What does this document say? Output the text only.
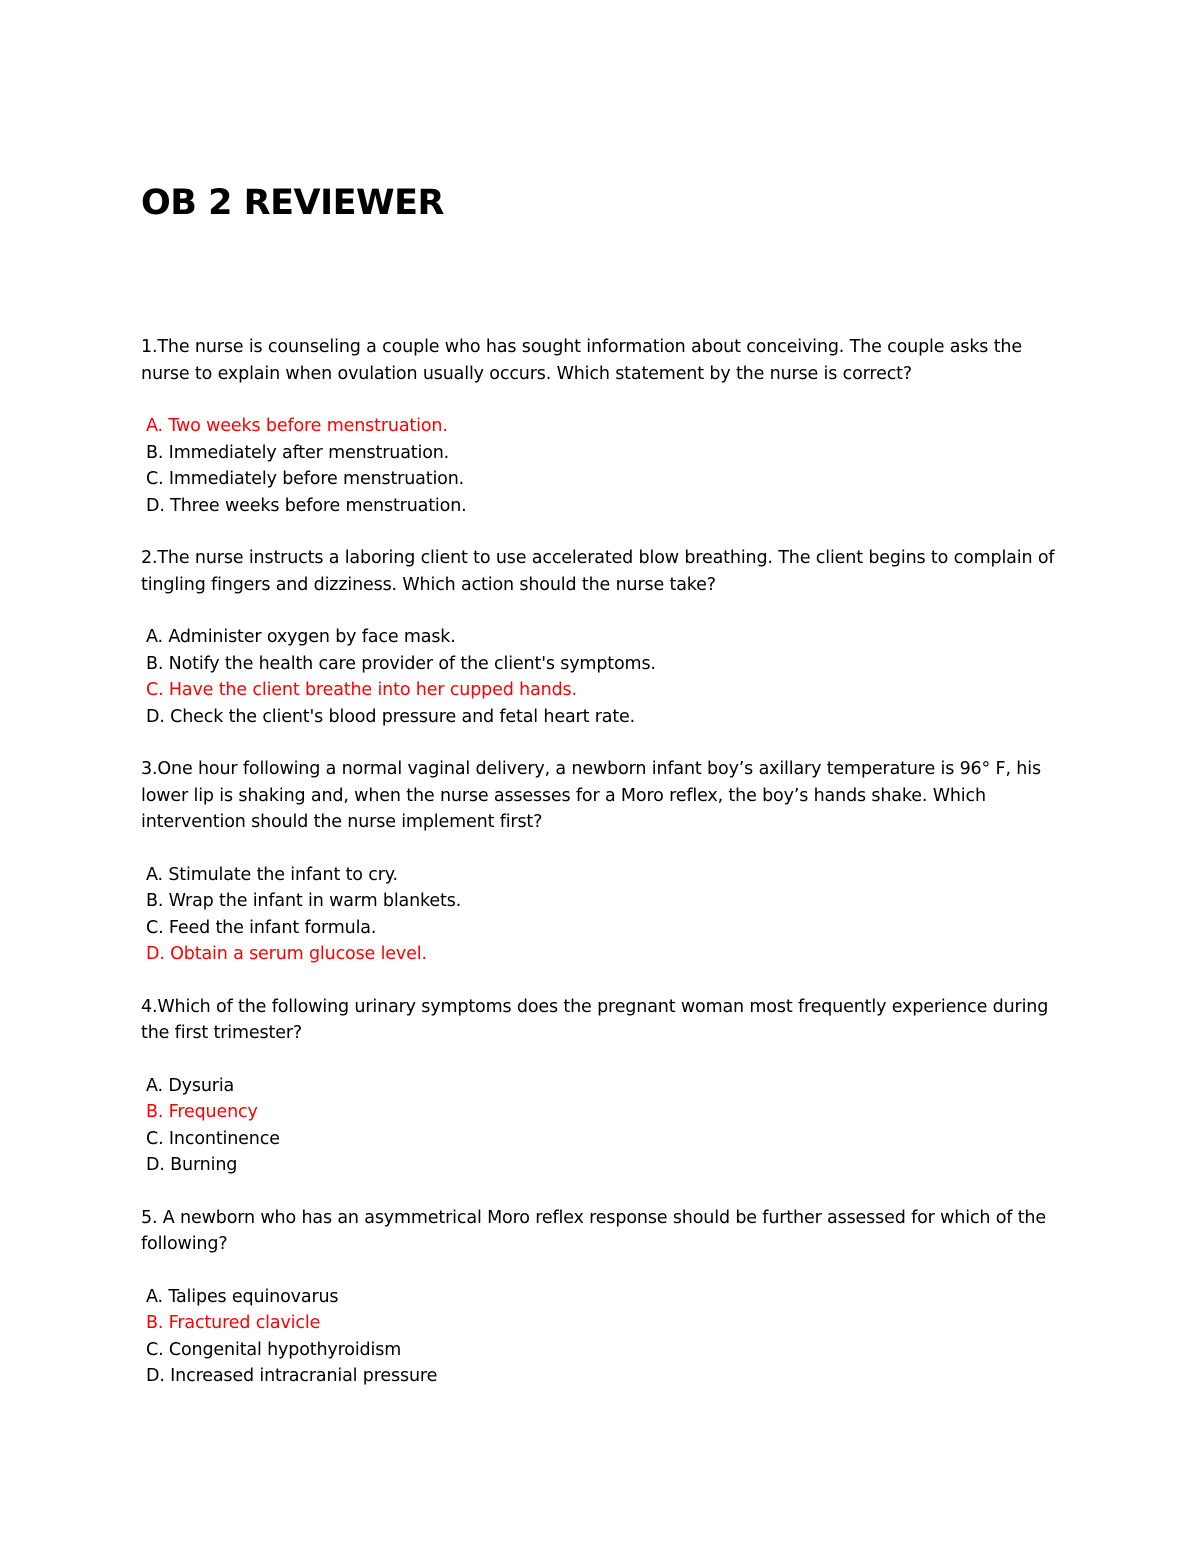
OB 2 REVIEWER

1.The nurse is counseling a couple who has sought information about conceiving. The couple asks the nurse to explain when ovulation usually occurs. Which statement by the nurse is correct?

A. Two weeks before menstruation.
B. Immediately after menstruation.
C. Immediately before menstruation.
D. Three weeks before menstruation.

2.The nurse instructs a laboring client to use accelerated blow breathing. The client begins to complain of tingling fingers and dizziness. Which action should the nurse take?

A. Administer oxygen by face mask.
B. Notify the health care provider of the client's symptoms.
C. Have the client breathe into her cupped hands.
D. Check the client's blood pressure and fetal heart rate.

3.One hour following a normal vaginal delivery, a newborn infant boy’s axillary temperature is 96° F, his lower lip is shaking and, when the nurse assesses for a Moro reflex, the boy’s hands shake. Which intervention should the nurse implement first?

A. Stimulate the infant to cry.
B. Wrap the infant in warm blankets.
C. Feed the infant formula.
D. Obtain a serum glucose level.

4.Which of the following urinary symptoms does the pregnant woman most frequently experience during the first trimester?

A. Dysuria
B. Frequency
C. Incontinence
D. Burning

5. A newborn who has an asymmetrical Moro reflex response should be further assessed for which of the following?

A. Talipes equinovarus
B. Fractured clavicle
C. Congenital hypothyroidism
D. Increased intracranial pressure
